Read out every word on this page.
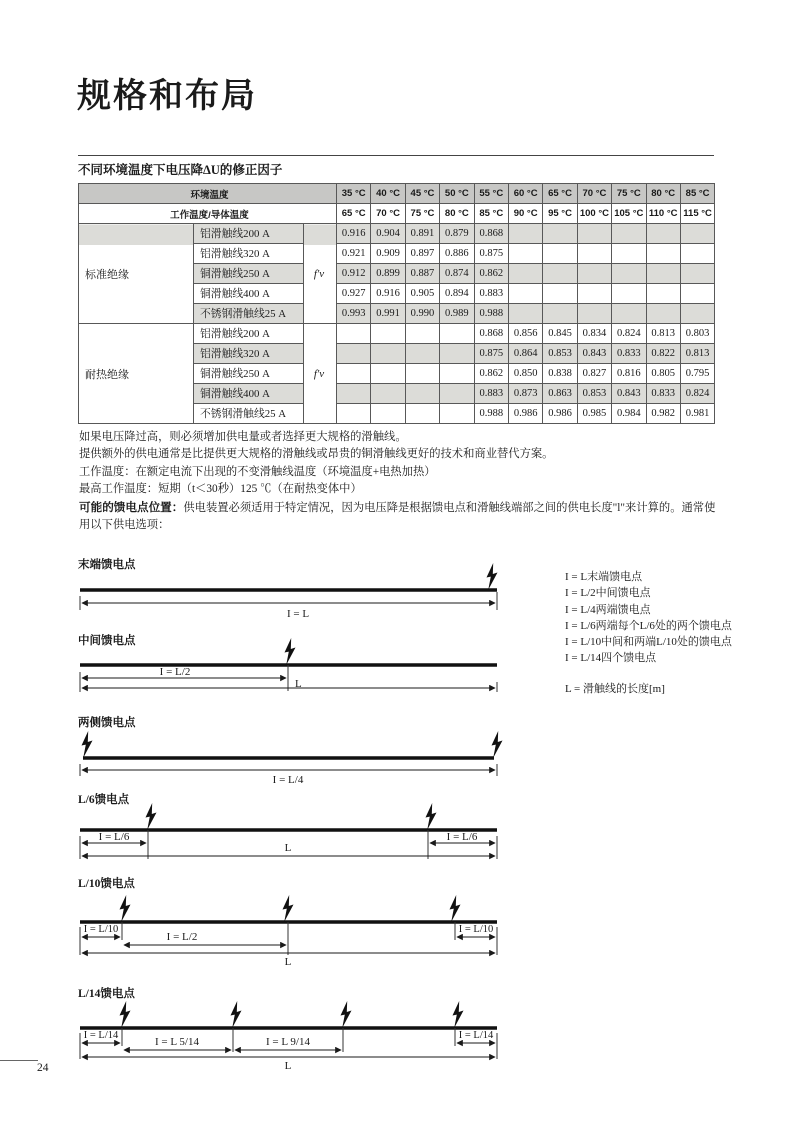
规格和布局
不同环境温度下电压降ΔU的修正因子
环境温度			35 °C	40 °C	45 °C	50 °C	55 °C	60 °C	65 °C	70 °C	75 °C	80 °C	85 °C
工作温度/导体温度			65 °C	70 °C	75 °C	80 °C	85 °C	90 °C	95 °C	100 °C	105 °C	110 °C	115 °C
标准绝缘	铝滑触线200 A	f'v	0.916	0.904	0.891	0.879	0.868						
	铝滑触线320 A		0.921	0.909	0.897	0.886	0.875						
	铜滑触线250 A		0.912	0.899	0.887	0.874	0.862						
	铜滑触线400 A		0.927	0.916	0.905	0.894	0.883						
	不锈钢滑触线25 A		0.993	0.991	0.990	0.989	0.988						
耐热绝缘	铝滑触线200 A	f'v					0.868	0.856	0.845	0.834	0.824	0.813	0.803
	铝滑触线320 A						0.875	0.864	0.853	0.843	0.833	0.822	0.813
	铜滑触线250 A						0.862	0.850	0.838	0.827	0.816	0.805	0.795
	铜滑触线400 A						0.883	0.873	0.863	0.853	0.843	0.833	0.824
	不锈钢滑触线25 A						0.988	0.986	0.986	0.985	0.984	0.982	0.981
如果电压降过高，则必须增加供电量或者选择更大规格的滑触线。
提供额外的供电通常是比提供更大规格的滑触线或昂贵的铜滑触线更好的技术和商业替代方案。
工作温度：在额定电流下出现的不变滑触线温度（环境温度+电热加热）
最高工作温度：短期（t＜30秒）125 ℃（在耐热变体中）
可能的馈电点位置：供电装置必须适用于特定情况，因为电压降是根据馈电点和滑触线端部之间的供电长度"l"来计算的。通常使用以下供电选项：
I = L末端馈电点
I = L/2中间馈电点
I = L/4两端馈电点
I = L/6两端每个L/6处的两个馈电点
I = L/10中间和两端L/10处的馈电点
I = L/14四个馈电点
L = 滑触线的长度[m]
末端馈电点
I = L
中间馈电点
I = L/2
L
两侧馈电点
I = L/4
L/6馈电点
I = L/6	I = L/6
L
L/10馈电点
I = L/10	I = L/10
I = L/2
L
L/14馈电点
I = L/14	I = L/14
I = L 5/14	I = L 9/14
L
24
